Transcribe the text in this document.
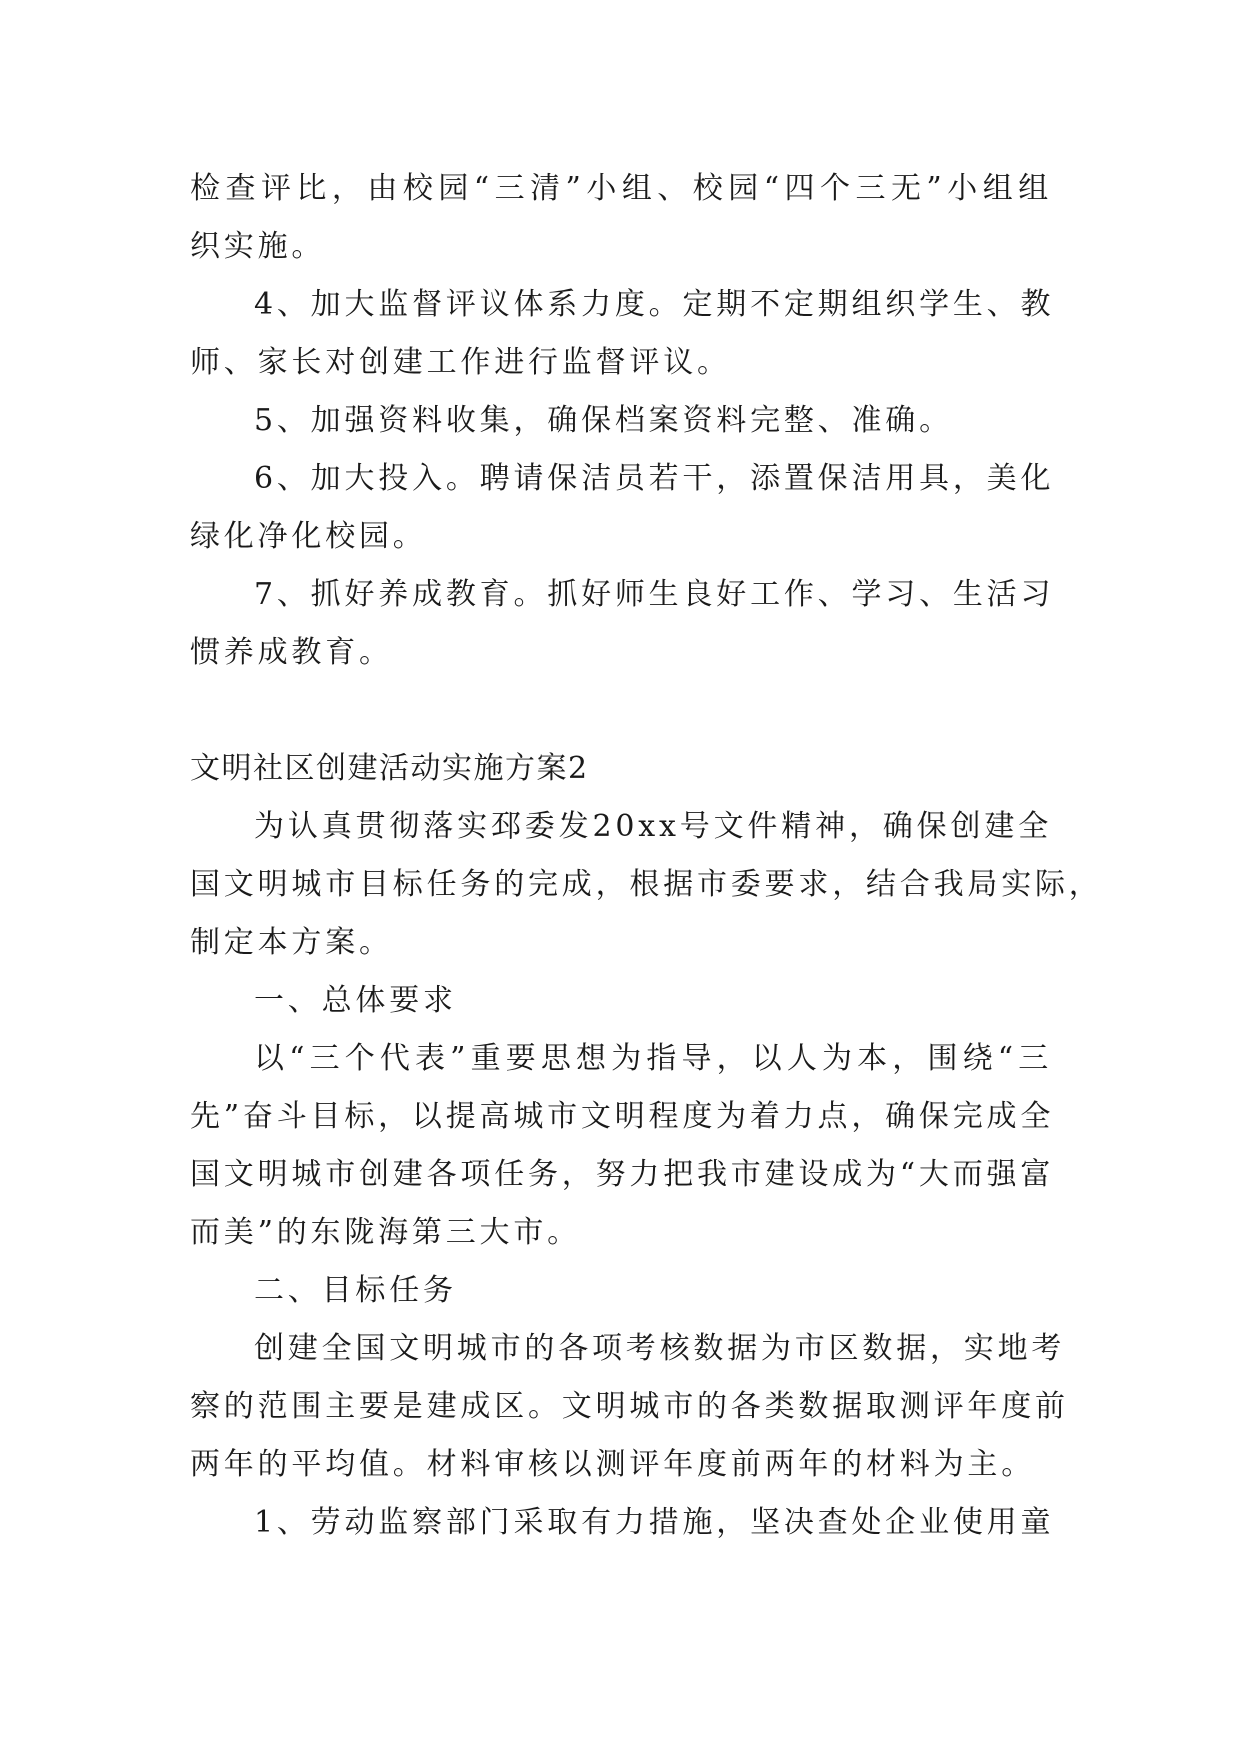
检查评比，由校园“三清”小组、校园“四个三无”小组组
织实施。
4、加大监督评议体系力度。定期不定期组织学生、教
师、家长对创建工作进行监督评议。
5、加强资料收集，确保档案资料完整、准确。
6、加大投入。聘请保洁员若干，添置保洁用具，美化
绿化净化校园。
7、抓好养成教育。抓好师生良好工作、学习、生活习
惯养成教育。
文明社区创建活动实施方案2
为认真贯彻落实邳委发20xx号文件精神，确保创建全
国文明城市目标任务的完成，根据市委要求，结合我局实际，
制定本方案。
一、总体要求
以“三个代表”重要思想为指导，以人为本，围绕“三
先”奋斗目标，以提高城市文明程度为着力点，确保完成全
国文明城市创建各项任务，努力把我市建设成为“大而强富
而美”的东陇海第三大市。
二、目标任务
创建全国文明城市的各项考核数据为市区数据，实地考
察的范围主要是建成区。文明城市的各类数据取测评年度前
两年的平均值。材料审核以测评年度前两年的材料为主。
1、劳动监察部门采取有力措施，坚决查处企业使用童
